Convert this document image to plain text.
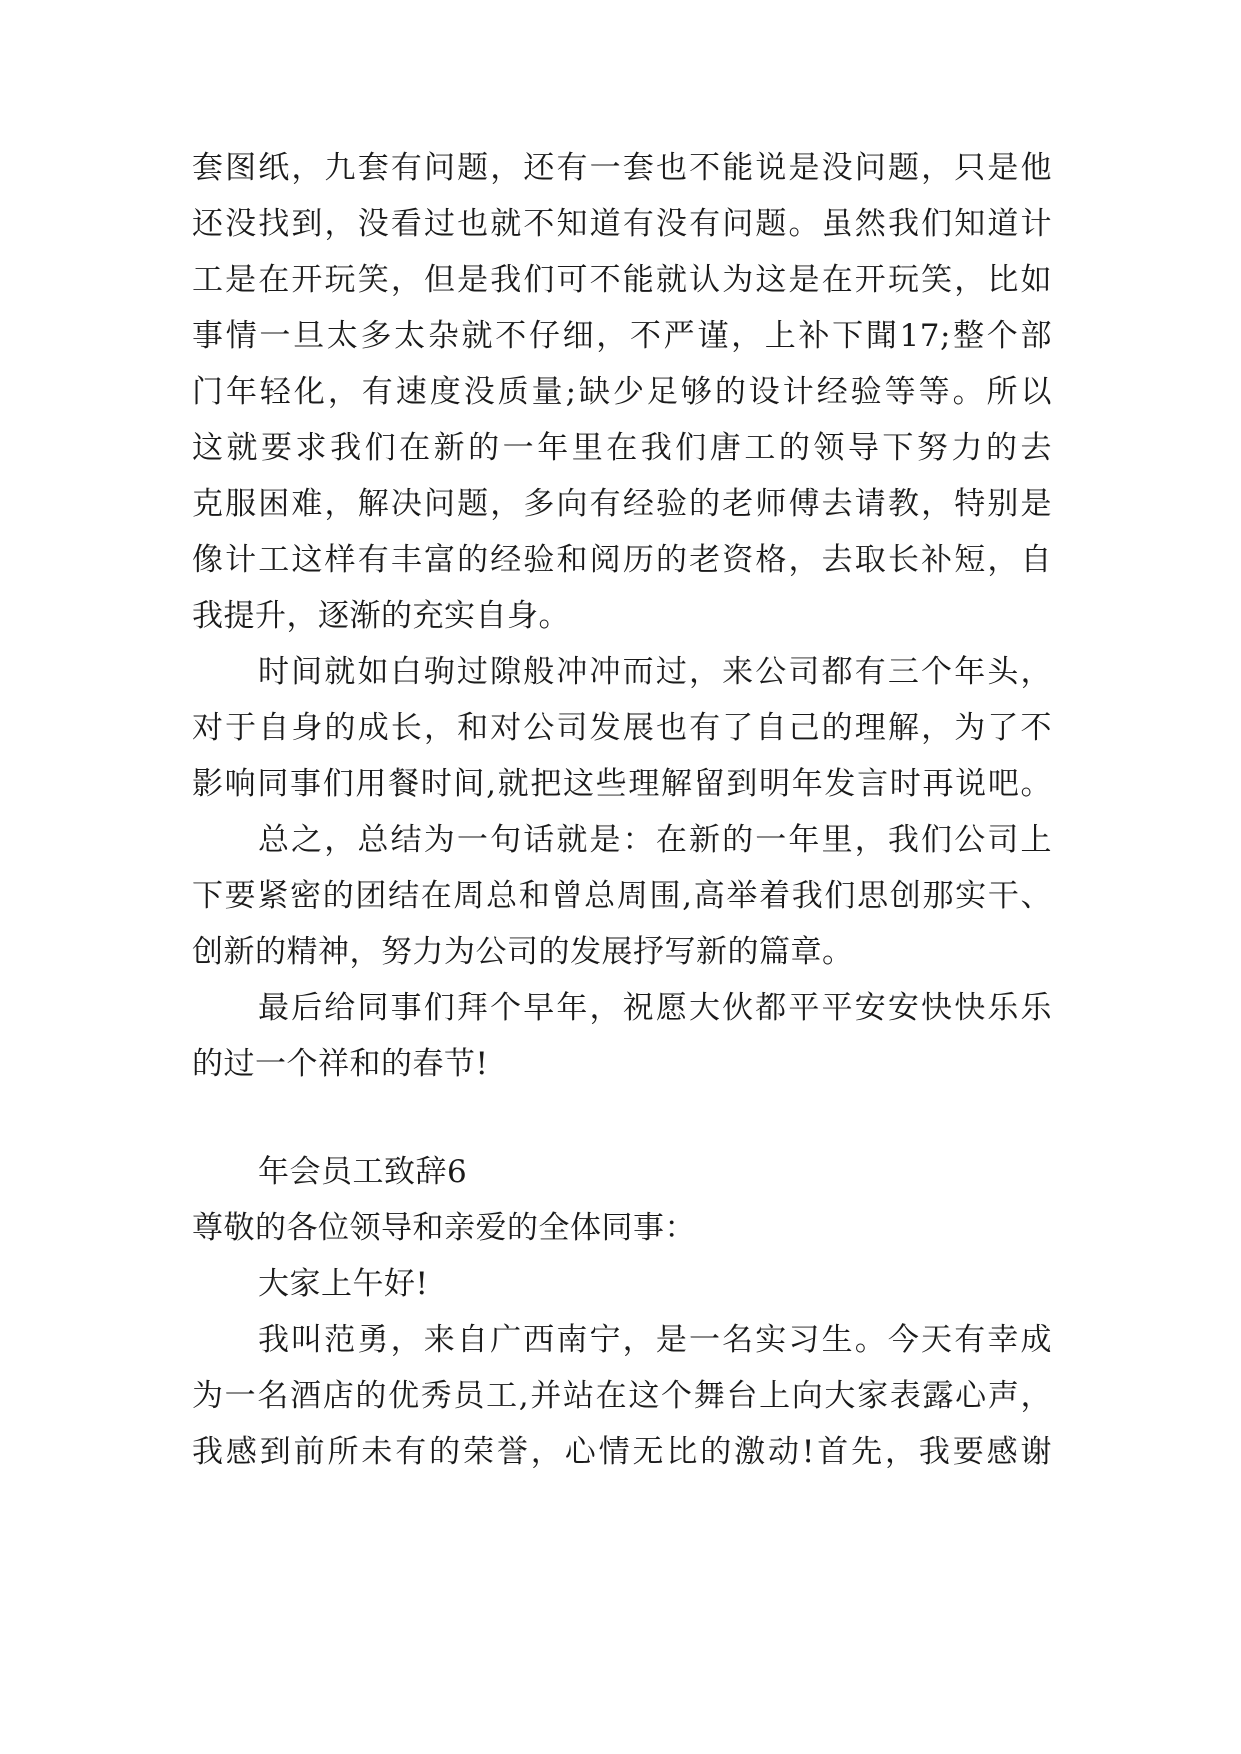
套图纸，九套有问题，还有一套也不能说是没问题，只是他
还没找到，没看过也就不知道有没有问题。虽然我们知道计
工是在开玩笑，但是我们可不能就认为这是在开玩笑，比如
事情一旦太多太杂就不仔细，不严谨，上补下聞17;整个部
门年轻化，有速度没质量;缺少足够的设计经验等等。所以
这就要求我们在新的一年里在我们唐工的领导下努力的去
克服困难，解决问题，多向有经验的老师傅去请教，特别是
像计工这样有丰富的经验和阅历的老资格，去取长补短，自
我提升，逐渐的充实自身。
时间就如白驹过隙般冲冲而过，来公司都有三个年头，
对于自身的成长，和对公司发展也有了自己的理解，为了不
影响同事们用餐时间,就把这些理解留到明年发言时再说吧。
总之，总结为一句话就是：在新的一年里，我们公司上
下要紧密的团结在周总和曾总周围,高举着我们思创那实干、
创新的精神，努力为公司的发展抒写新的篇章。
最后给同事们拜个早年，祝愿大伙都平平安安快快乐乐
的过一个祥和的春节!
年会员工致辞6
尊敬的各位领导和亲爱的全体同事：
大家上午好!
我叫范勇，来自广西南宁，是一名实习生。今天有幸成
为一名酒店的优秀员工,并站在这个舞台上向大家表露心声，
我感到前所未有的荣誉，心情无比的激动!首先，我要感谢
